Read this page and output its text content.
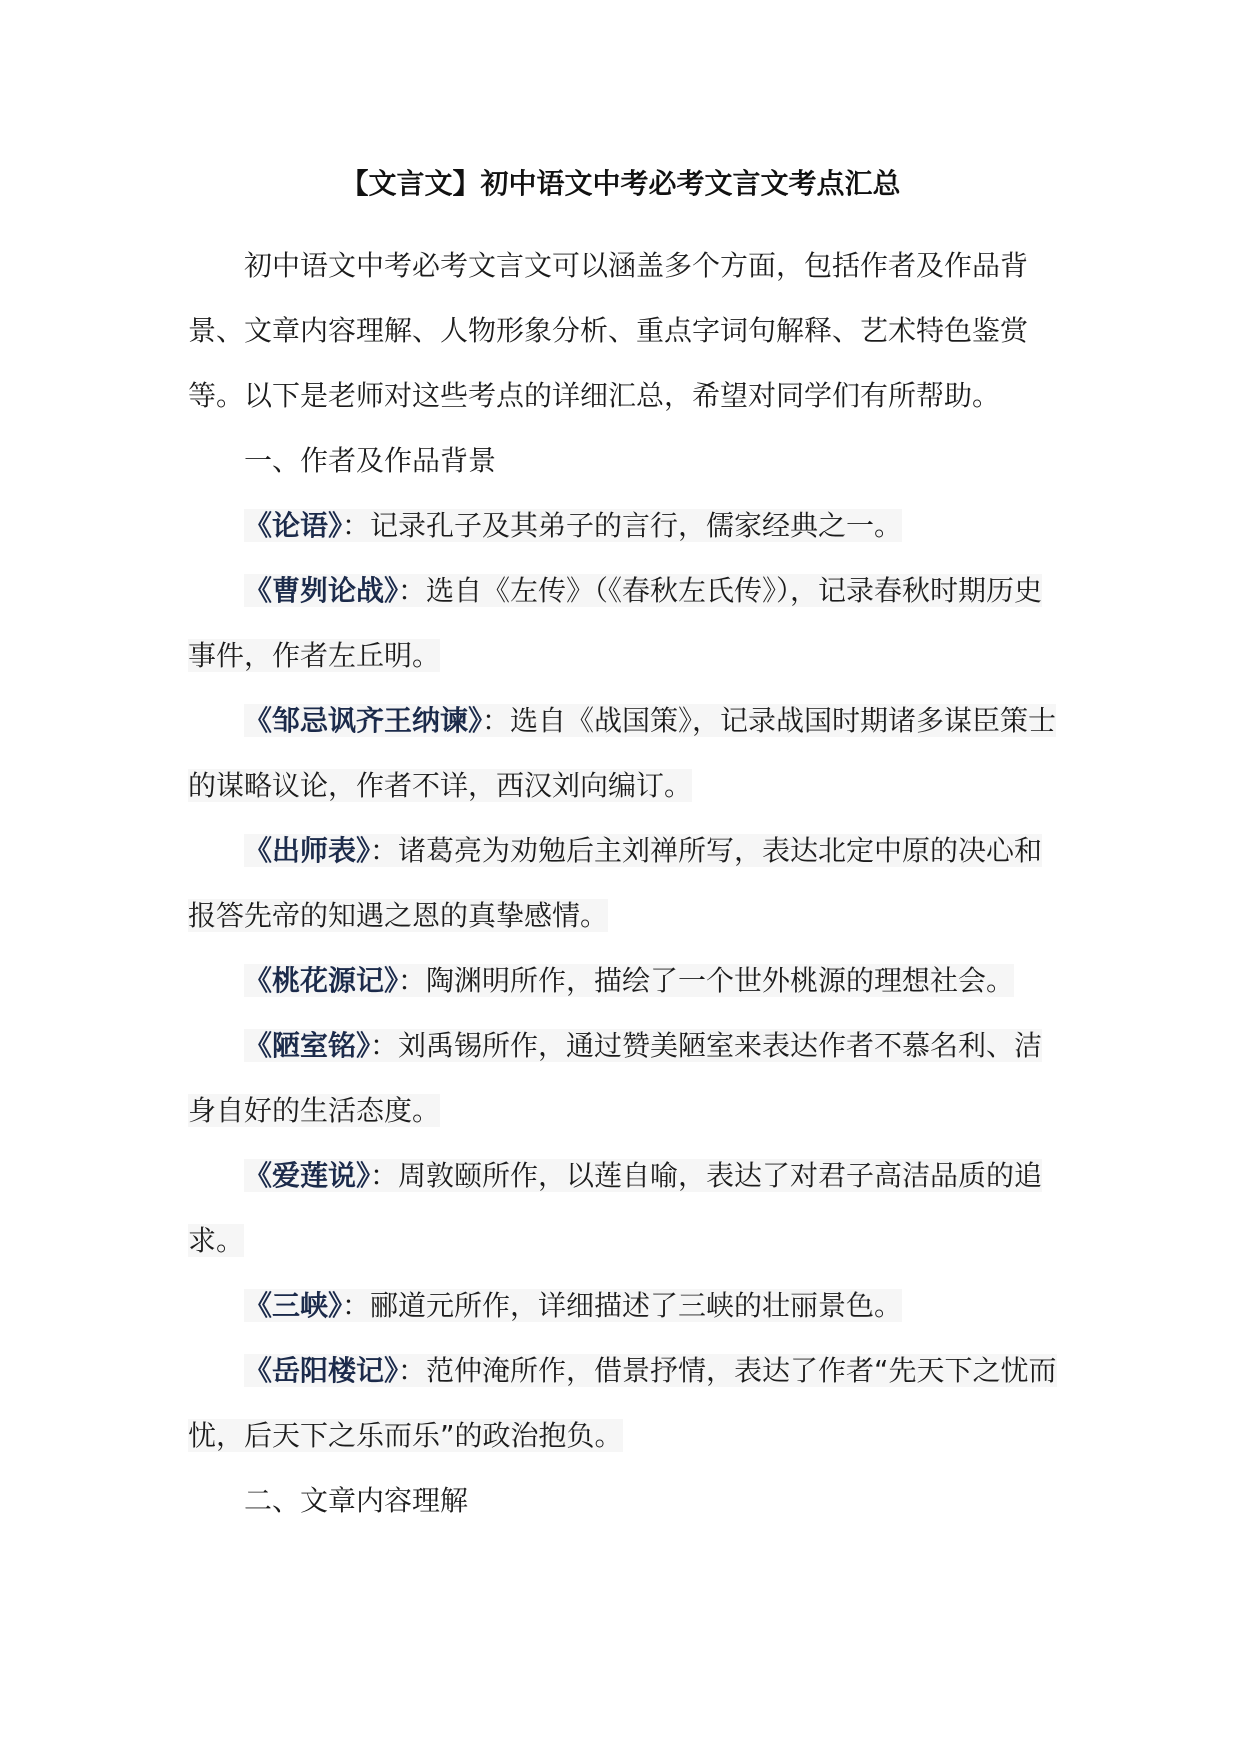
【文言文】初中语文中考必考文言文考点汇总

初中语文中考必考文言文可以涵盖多个方面，包括作者及作品背景、文章内容理解、人物形象分析、重点字词句解释、艺术特色鉴赏等。以下是老师对这些考点的详细汇总，希望对同学们有所帮助。

一、作者及作品背景

《论语》：记录孔子及其弟子的言行，儒家经典之一。

《曹刿论战》：选自《左传》（《春秋左氏传》），记录春秋时期历史事件，作者左丘明。

《邹忌讽齐王纳谏》：选自《战国策》，记录战国时期诸多谋臣策士的谋略议论，作者不详，西汉刘向编订。

《出师表》：诸葛亮为劝勉后主刘禅所写，表达北定中原的决心和报答先帝的知遇之恩的真挚感情。

《桃花源记》：陶渊明所作，描绘了一个世外桃源的理想社会。

《陋室铭》：刘禹锡所作，通过赞美陋室来表达作者不慕名利、洁身自好的生活态度。

《爱莲说》：周敦颐所作，以莲自喻，表达了对君子高洁品质的追求。

《三峡》：郦道元所作，详细描述了三峡的壮丽景色。

《岳阳楼记》：范仲淹所作，借景抒情，表达了作者“先天下之忧而忧，后天下之乐而乐”的政治抱负。

二、文章内容理解
